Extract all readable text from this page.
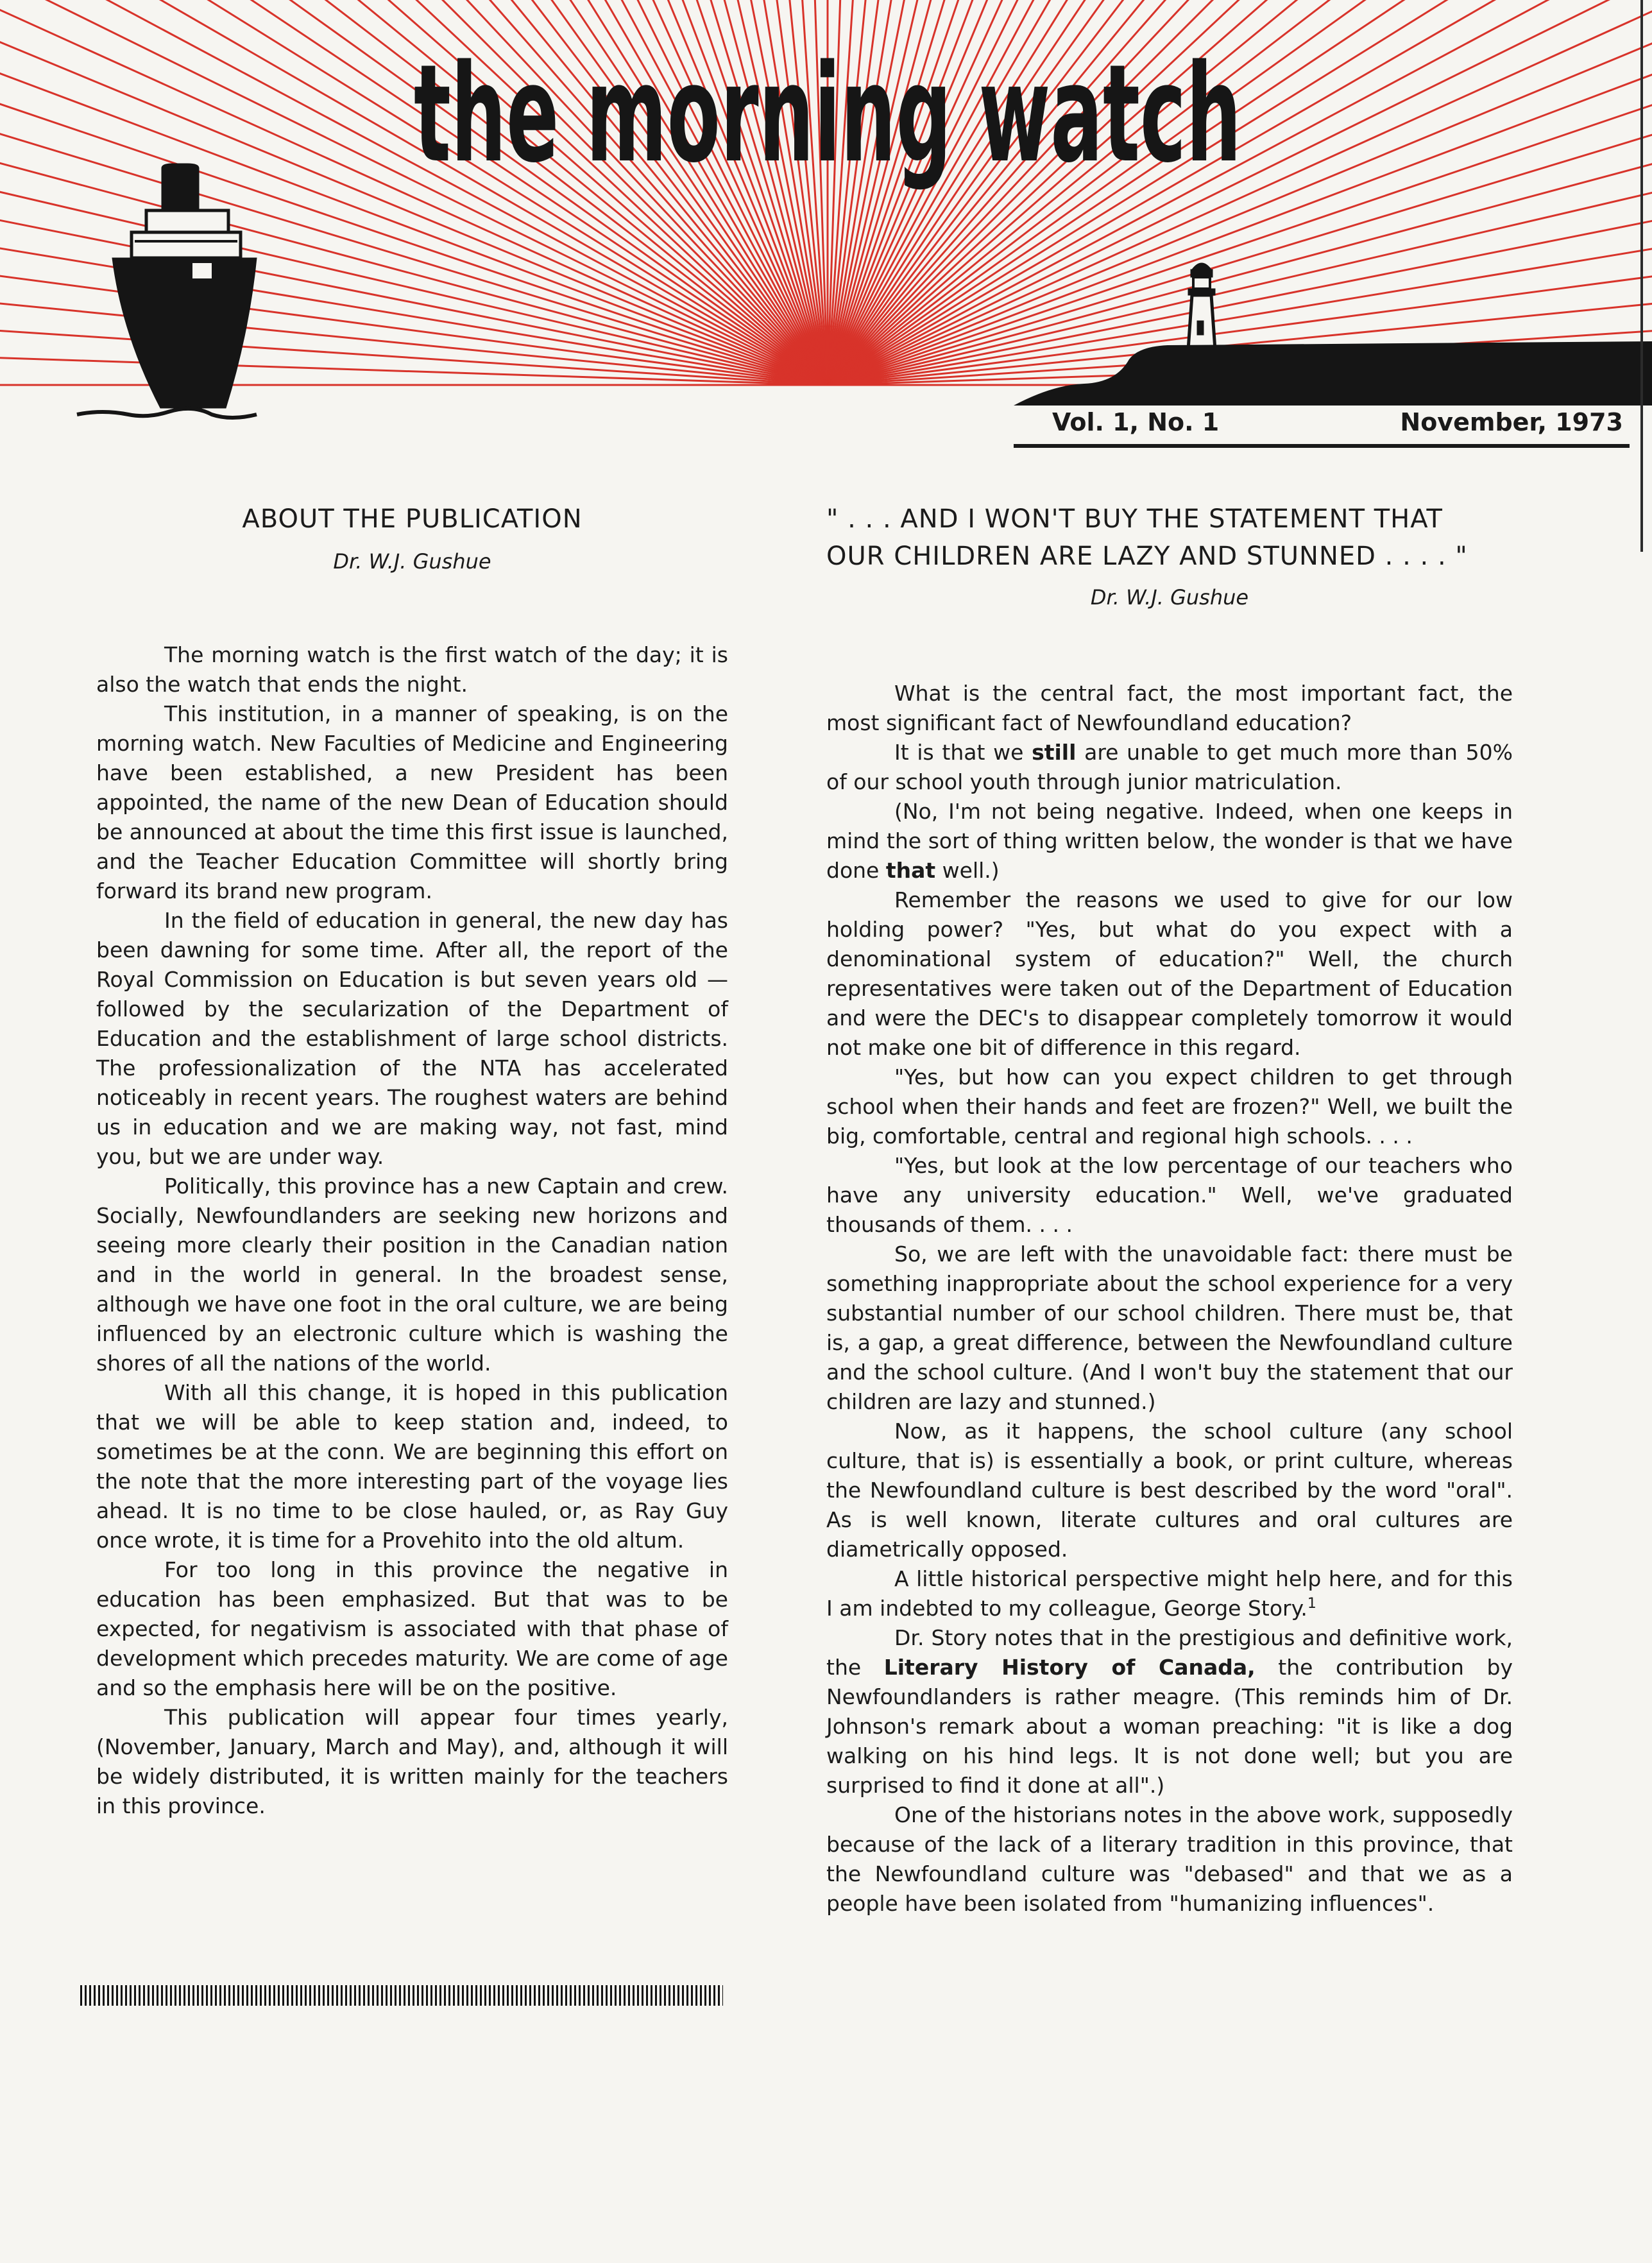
the morning watch
Vol. 1, No. 1	November, 1973
ABOUT THE PUBLICATION
Dr. W.J. Gushue

The morning watch is the first watch of the day; it is also the watch that ends the night.

This institution, in a manner of speaking, is on the morning watch. New Faculties of Medicine and Engineering have been established, a new President has been appointed, the name of the new Dean of Education should be announced at about the time this first issue is launched, and the Teacher Education Committee will shortly bring forward its brand new program.

In the field of education in general, the new day has been dawning for some time. After all, the report of the Royal Commission on Education is but seven years old — followed by the secularization of the Department of Education and the establishment of large school districts. The professionalization of the NTA has accelerated noticeably in recent years. The roughest waters are behind us in education and we are making way, not fast, mind you, but we are under way.

Politically, this province has a new Captain and crew. Socially, Newfoundlanders are seeking new horizons and seeing more clearly their position in the Canadian nation and in the world in general. In the broadest sense, although we have one foot in the oral culture, we are being influenced by an electronic culture which is washing the shores of all the nations of the world.

With all this change, it is hoped in this publication that we will be able to keep station and, indeed, to sometimes be at the conn. We are beginning this effort on the note that the more interesting part of the voyage lies ahead. It is no time to be close hauled, or, as Ray Guy once wrote, it is time for a Provehito into the old altum.

For too long in this province the negative in education has been emphasized. But that was to be expected, for negativism is associated with that phase of development which precedes maturity. We are come of age and so the emphasis here will be on the positive.

This publication will appear four times yearly, (November, January, March and May), and, although it will be widely distributed, it is written mainly for the teachers in this province.

" . . . AND I WON'T BUY THE STATEMENT THAT
OUR CHILDREN ARE LAZY AND STUNNED . . . . "
Dr. W.J. Gushue

What is the central fact, the most important fact, the most significant fact of Newfoundland education?

It is that we still are unable to get much more than 50% of our school youth through junior matriculation.

(No, I'm not being negative. Indeed, when one keeps in mind the sort of thing written below, the wonder is that we have done that well.)

Remember the reasons we used to give for our low holding power? "Yes, but what do you expect with a denominational system of education?" Well, the church representatives were taken out of the Department of Education and were the DEC's to disappear completely tomorrow it would not make one bit of difference in this regard.

"Yes, but how can you expect children to get through school when their hands and feet are frozen?" Well, we built the big, comfortable, central and regional high schools. . . .

"Yes, but look at the low percentage of our teachers who have any university education." Well, we've graduated thousands of them. . . .

So, we are left with the unavoidable fact: there must be something inappropriate about the school experience for a very substantial number of our school children. There must be, that is, a gap, a great difference, between the Newfoundland culture and the school culture. (And I won't buy the statement that our children are lazy and stunned.)

Now, as it happens, the school culture (any school culture, that is) is essentially a book, or print culture, whereas the Newfoundland culture is best described by the word "oral". As is well known, literate cultures and oral cultures are diametrically opposed.

A little historical perspective might help here, and for this I am indebted to my colleague, George Story.$^1$

Dr. Story notes that in the prestigious and definitive work, the Literary History of Canada, the contribution by Newfoundlanders is rather meagre. (This reminds him of Dr. Johnson's remark about a woman preaching: "it is like a dog walking on his hind legs. It is not done well; but you are surprised to find it done at all".)

One of the historians notes in the above work, supposedly because of the lack of a literary tradition in this province, that the Newfoundland culture was "debased" and that we as a people have been isolated from "humanizing influences".
